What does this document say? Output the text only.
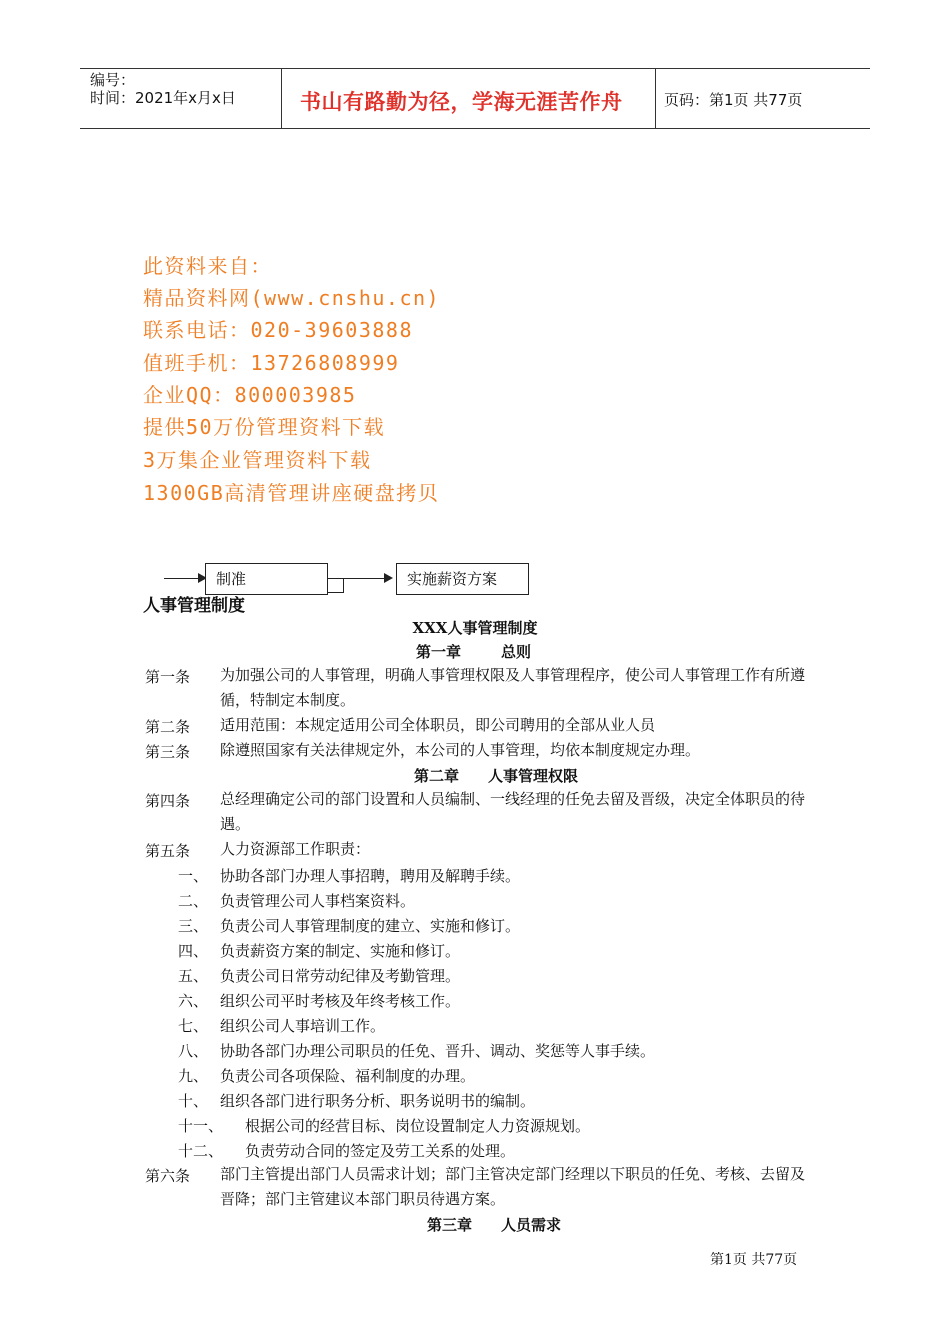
编号：
时间：2021年x月x日	书山有路勤为径，学海无涯苦作舟	页码：第1页 共77页
此资料来自：
精品资料网(www.cnshu.cn)
联系电话：020-39603888
值班手机：13726808999
企业QQ：800003985
提供50万份管理资料下载
3万集企业管理资料下载
1300GB高清管理讲座硬盘拷贝
制准	实施薪资方案
人事管理制度
XXX人事管理制度
第一章	总则
第一条 为加强公司的人事管理，明确人事管理权限及人事管理程序，使公司人事管理工作有所遵循，特制定本制度。
第二条 适用范围：本规定适用公司全体职员，即公司聘用的全部从业人员
第三条 除遵照国家有关法律规定外，本公司的人事管理，均依本制度规定办理。
第二章 人事管理权限
第四条 总经理确定公司的部门设置和人员编制、一线经理的任免去留及晋级，决定全体职员的待遇。
第五条 人力资源部工作职责：
一、 协助各部门办理人事招聘，聘用及解聘手续。
二、 负责管理公司人事档案资料。
三、 负责公司人事管理制度的建立、实施和修订。
四、 负责薪资方案的制定、实施和修订。
五、 负责公司日常劳动纪律及考勤管理。
六、 组织公司平时考核及年终考核工作。
七、 组织公司人事培训工作。
八、 协助各部门办理公司职员的任免、晋升、调动、奖惩等人事手续。
九、 负责公司各项保险、福利制度的办理。
十、 组织各部门进行职务分析、职务说明书的编制。
十一、 根据公司的经营目标、岗位设置制定人力资源规划。
十二、 负责劳动合同的签定及劳工关系的处理。
第六条 部门主管提出部门人员需求计划；部门主管决定部门经理以下职员的任免、考核、去留及晋降；部门主管建议本部门职员待遇方案。
第三章 人员需求
第1页 共77页
